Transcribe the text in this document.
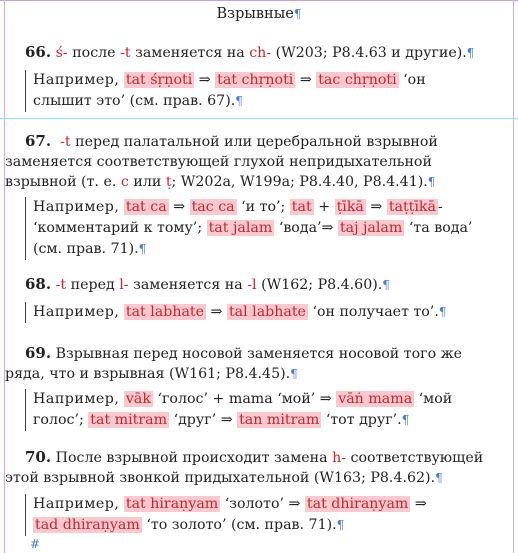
Взрывные¶
66. ś- после -t заменяется на ch- (W203; P8.4.63 и другие).¶
Например, tat śṛṇoti ⇒ tat chṛṇoti ⇒ tac chṛṇoti ‘он
слышит это’ (см. прав. 67).¶
67. -t перед палатальной или церебральной взрывной
заменяется соответствующей глухой непридыхательной
взрывной (т. е. c или ṭ; W202a, W199a; P8.4.40, P8.4.41).¶
Например, tat ca ⇒ tac ca ‘и то’; tat + ṭīkā ⇒ taṭṭīkā -
‘комментарий к тому’; tat jalam ‘вода’⇒ taj jalam ‘та вода’
(см. прав. 71).¶
68. -t перед l- заменяется на -l (W162; P8.4.60).¶
Например, tat labhate ⇒ tal labhate ‘он получает то’.¶
69. Взрывная перед носовой заменяется носовой того же
ряда, что и взрывная (W161; P8.4.45).¶
Например, vāk ‘голос’ + mama ‘мой’ ⇒ vāṅ mama ‘мой
голос’; tat mitram ‘друг’ ⇒ tan mitram ‘тот друг’.¶
70. После взрывной происходит замена h- соответствующей
этой взрывной звонкой придыхательной (W163; P8.4.62).¶
Например, tat hiraṇyam ‘золото’ ⇒ tat dhiraṇyam ⇒
tad dhiraṇyam ‘то золото’ (см. прав. 71).¶
#
